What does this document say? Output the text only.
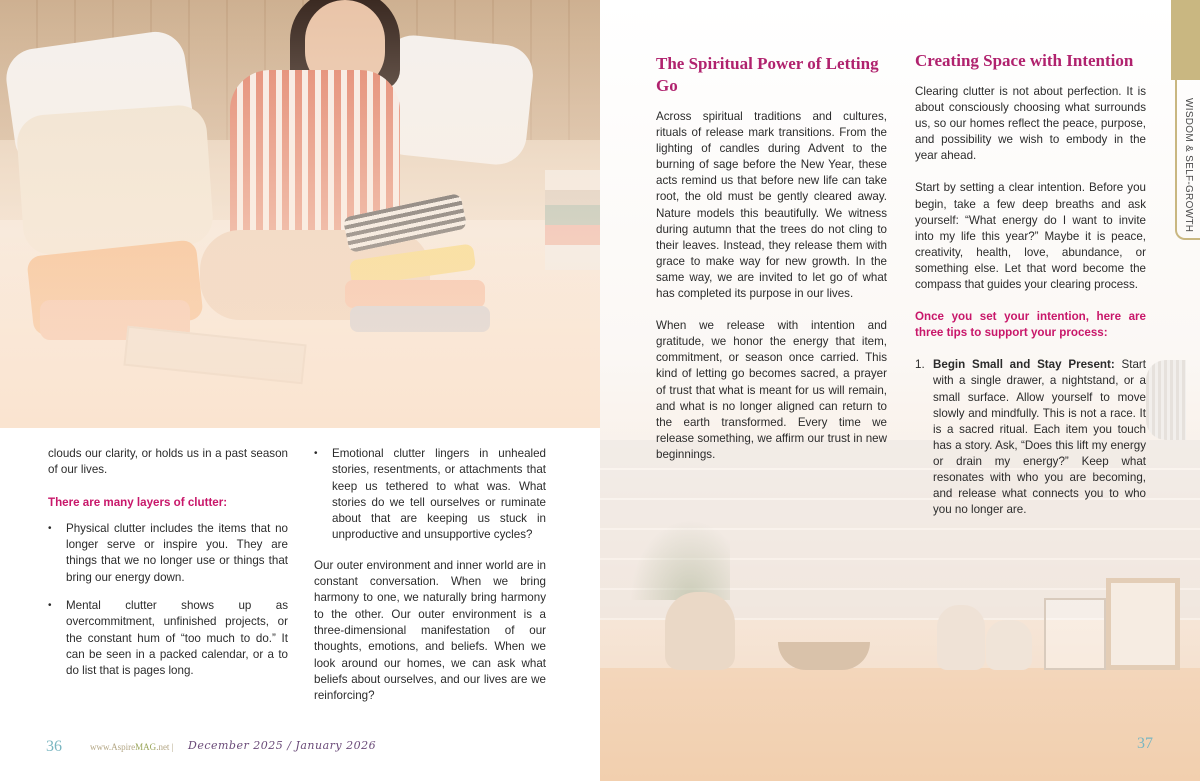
clouds our clarity, or holds us in a past season of our lives.

There are many layers of clutter:

• Physical clutter includes the items that no longer serve or inspire you. They are things that we no longer use or things that bring our energy down.
• Mental clutter shows up as overcommitment, unfinished projects, or the constant hum of “too much to do.” It can be seen in a packed calendar, or a to do list that is pages long.
• Emotional clutter lingers in unhealed stories, resentments, or attachments that keep us tethered to what was. What stories do we tell ourselves or ruminate about that are keeping us stuck in unproductive and unsupportive cycles?

Our outer environment and inner world are in constant conversation. When we bring harmony to one, we naturally bring harmony to the other. Our outer environment is a three-dimensional manifestation of our thoughts, emotions, and beliefs. When we look around our homes, we can ask what beliefs about ourselves, and our lives are we reinforcing?

36	www.AspireMAG.net | December 2025 / January 2026
The Spiritual Power of Letting Go

Across spiritual traditions and cultures, rituals of release mark transitions. From the lighting of candles during Advent to the burning of sage before the New Year, these acts remind us that before new life can take root, the old must be gently cleared away. Nature models this beautifully. We witness during autumn that the trees do not cling to their leaves. Instead, they release them with grace to make way for new growth. In the same way, we are invited to let go of what has completed its purpose in our lives.

When we release with intention and gratitude, we honor the energy that item, commitment, or season once carried. This kind of letting go becomes sacred, a prayer of trust that what is meant for us will remain, and what is no longer aligned can return to the earth transformed. Every time we release something, we affirm our trust in new beginnings.

Creating Space with Intention

Clearing clutter is not about perfection. It is about consciously choosing what surrounds us, so our homes reflect the peace, purpose, and possibility we wish to embody in the year ahead.

Start by setting a clear intention. Before you begin, take a few deep breaths and ask yourself: “What energy do I want to invite into my life this year?” Maybe it is peace, creativity, health, love, abundance, or something else. Let that word become the compass that guides your clearing process.

Once you set your intention, here are three tips to support your process:

1. Begin Small and Stay Present: Start with a single drawer, a nightstand, or a small surface. Allow yourself to move slowly and mindfully. This is not a race. It is a sacred ritual. Each item you touch has a story. Ask, “Does this lift my energy or drain my energy?” Keep what resonates with who you are becoming, and release what connects you to who you no longer are.
WISDOM & SELF-GROWTH
37
